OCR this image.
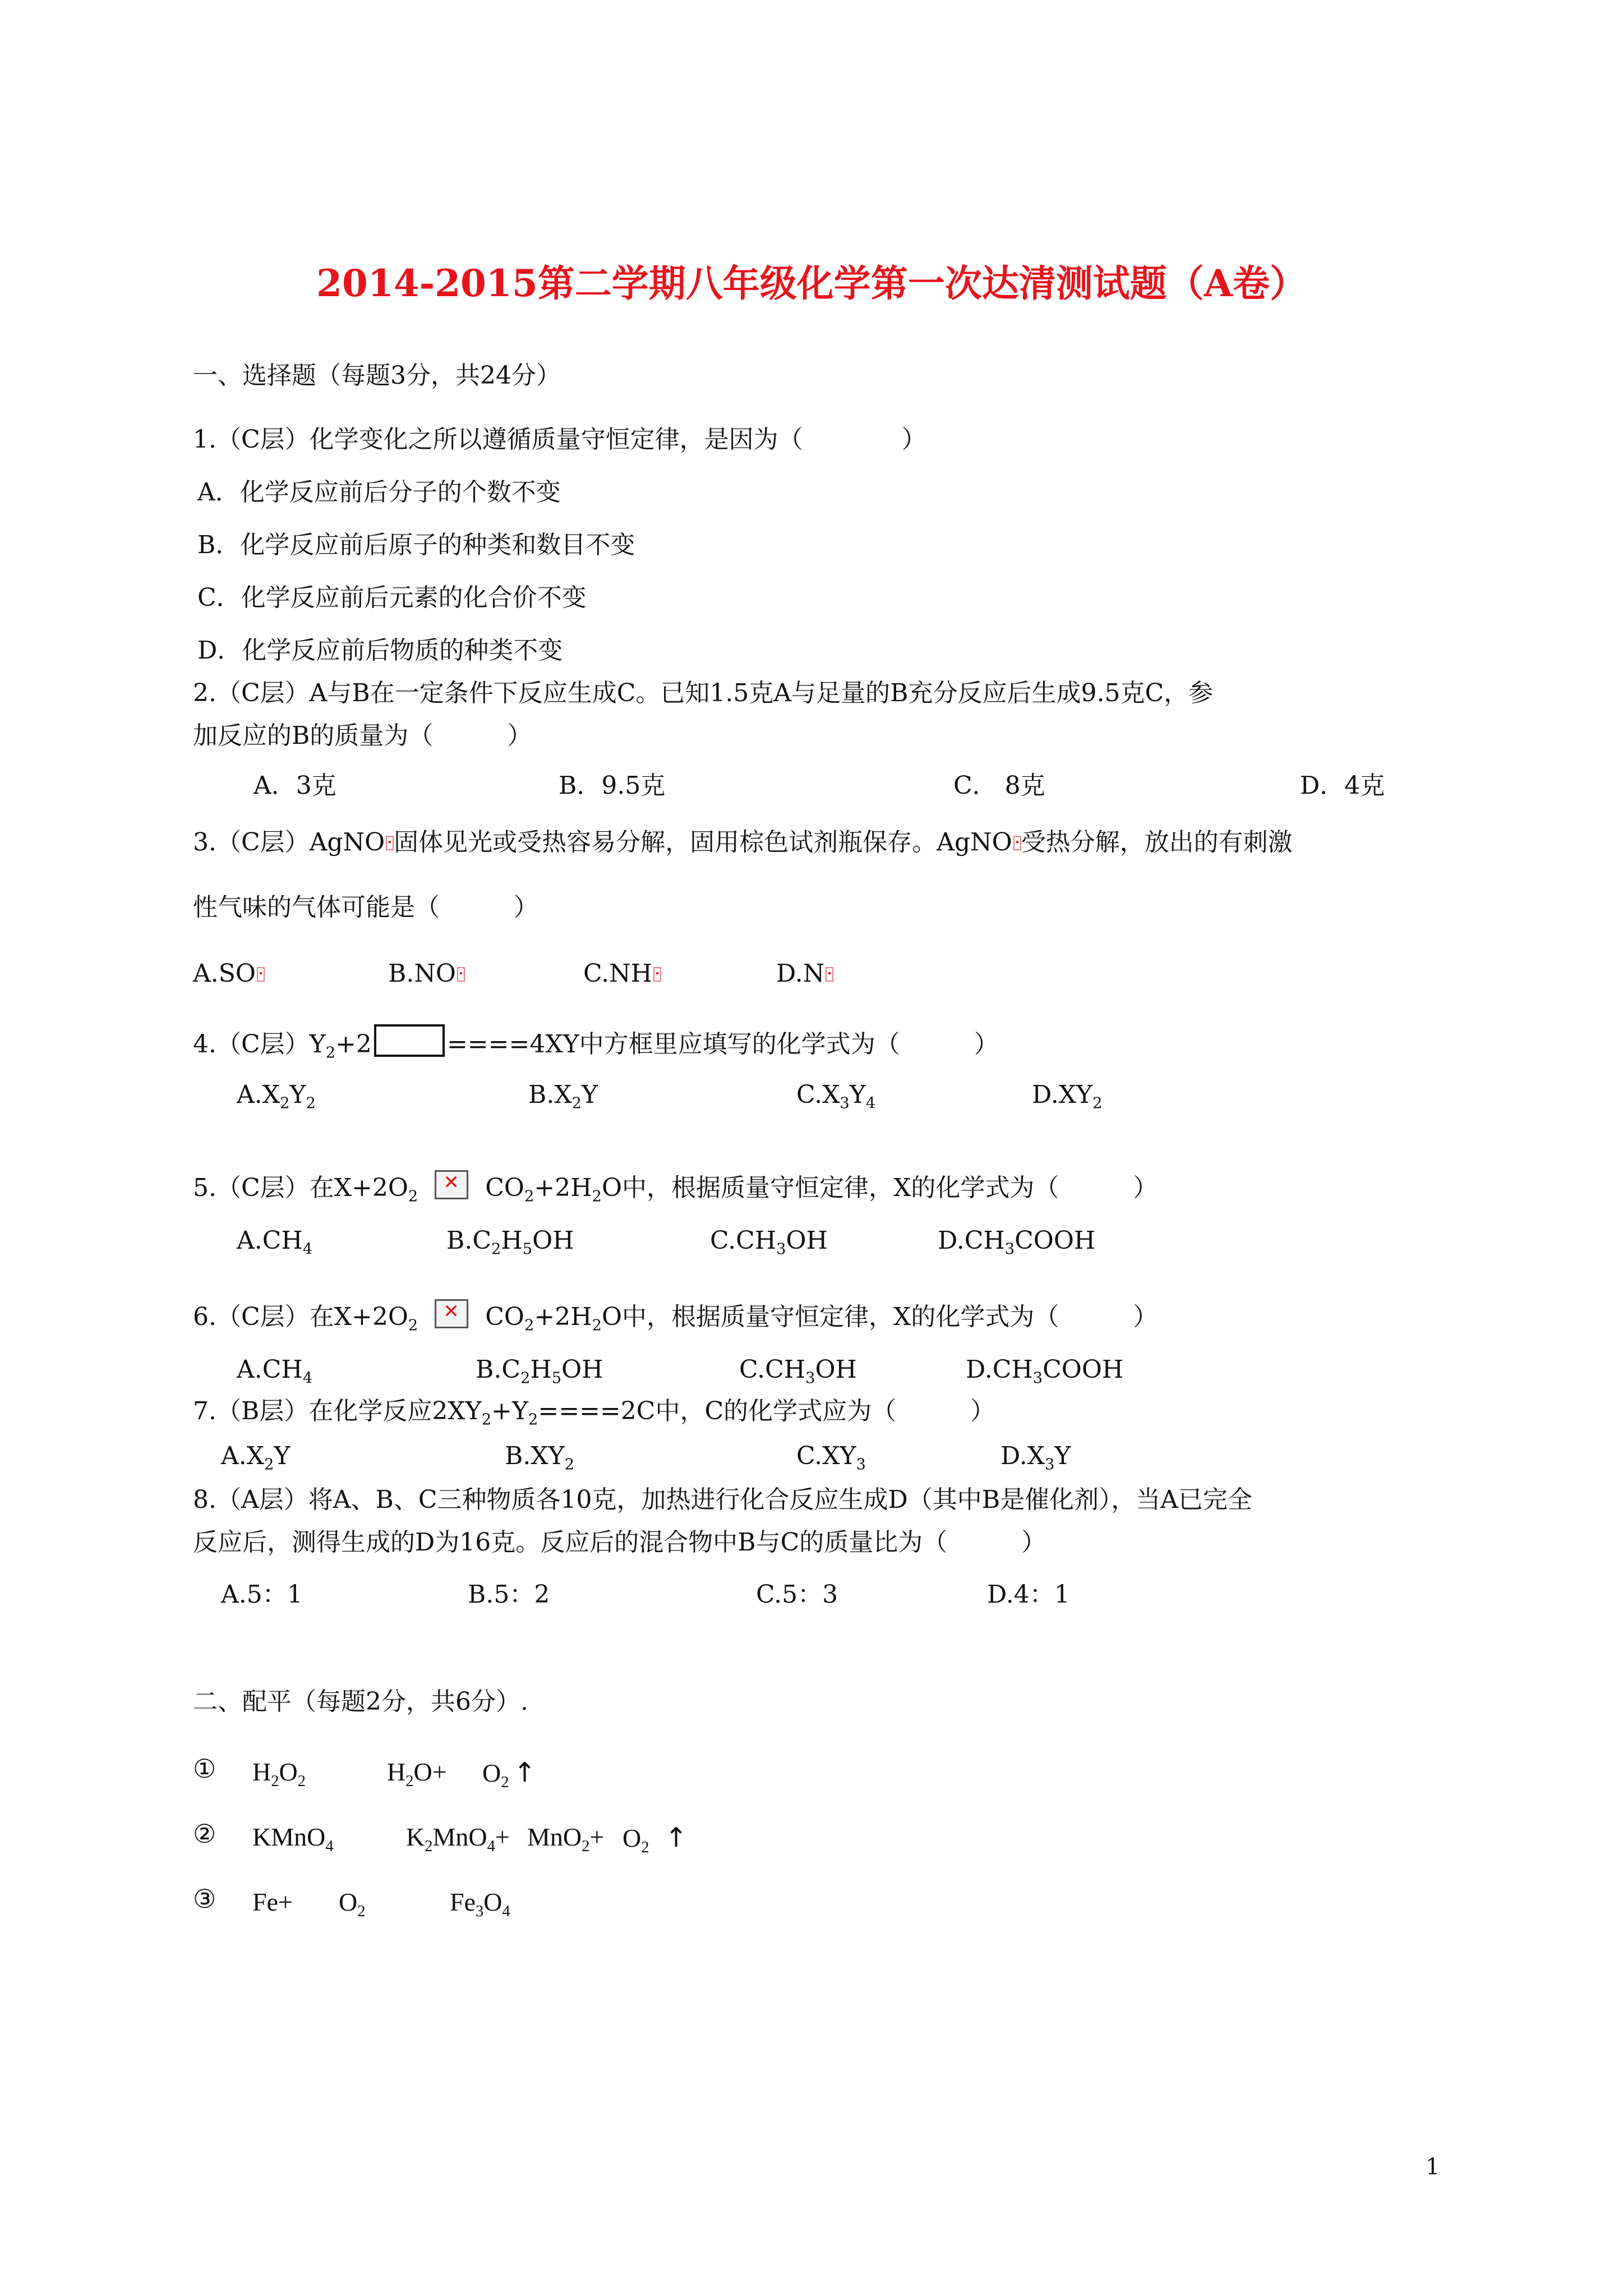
2014-2015第二学期八年级化学第一次达清测试题（A卷）
一、选择题（每题3分，共24分）
1.（C层）化学变化之所以遵循质量守恒定律，是因为（　　　　）
A．化学反应前后分子的个数不变
B．化学反应前后原子的种类和数目不变
C．化学反应前后元素的化合价不变
D．化学反应前后物质的种类不变
2.（C层）A与B在一定条件下反应生成C。已知1.5克A与足量的B充分反应后生成9.5克C，参
加反应的B的质量为（　　　）
A．3克	B．9.5克	C． 8克	D．4克
3.（C层）AgNO 固体见光或受热容易分解，固用棕色试剂瓶保存。AgNO 受热分解，放出的有刺激
性气味的气体可能是（　　　）
A.SO	B.NO	C.NH	D.N
4.（C层）$Y_2+2$	====4XY中方框里应填写的化学式为（　　　）
$A.X_2Y_2$	$B.X_2Y$	$C.X_3Y_4$	$D.XY_2$
5.（C层）在$X+2O_2✕$	$CO_2+2H_2O$中，根据质量守恒定律，X的化学式为（　　　）
$A.CH_4$	$B.C_2H_5OH$	$C.CH_3OH$	$D.CH_3COOH$
6.（C层）在$X+2O_2✕$	$CO_2+2H_2O$中，根据质量守恒定律，X的化学式为（　　　）
$A.CH_4$	$B.C_2H_5OH$	$C.CH_3OH$	$D.CH_3COOH$
7.（B层）在化学反应$2XY_2+Y_2====2C$中，C的化学式应为（　　　）
$A.X_2Y$	$B.XY_2$	$C.XY_3$	$D.X_3Y$
8.（A层）将A、B、C三种物质各10克，加热进行化合反应生成D（其中B是催化剂），当A已完全
反应后，测得生成的D为16克。反应后的混合物中B与C的质量比为（　　　）
A.5：1	B.5：2	C.5：3	D.4：1
二、配平（每题2分，共6分）.
① $H_2O_2$	$H_2O+ O_2$ ↑
② KMnO$_4$	$K_2MnO_4+ MnO_2+ O_2$ ↑
③ $Fe+ O_2$	$Fe_3O_4$
1
